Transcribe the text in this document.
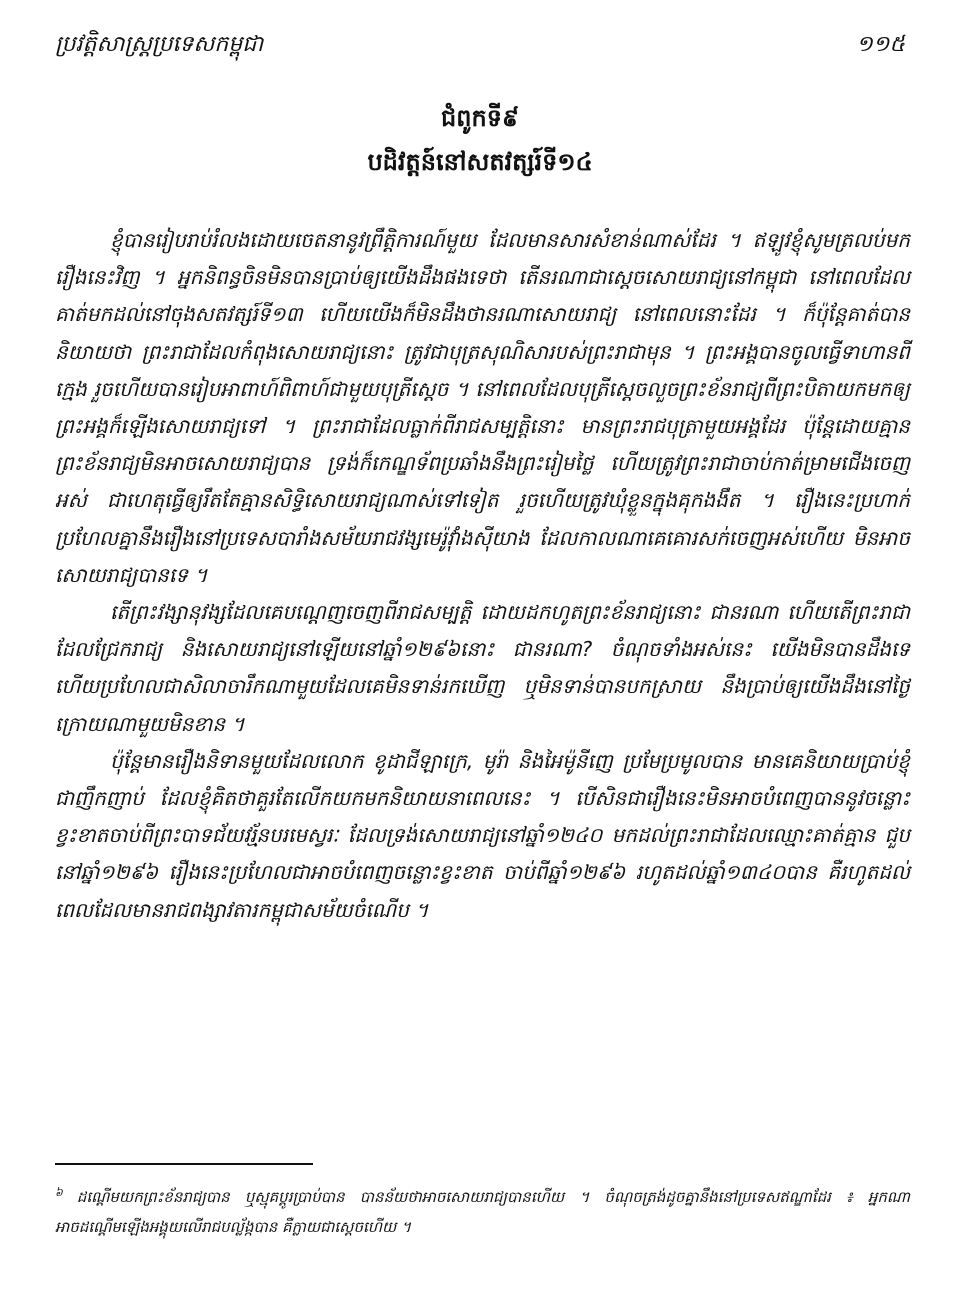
ប្រវត្តិសាស្ត្រប្រទេសកម្ពុជា	១១៥
ជំពូកទី៩
បដិវត្តន៍នៅសតវត្សរ៍ទី១៤

ខ្ញុំបានរៀបរាប់រំលងដោយចេតនានូវព្រឹត្តិការណ៍មួយ ដែលមានសារសំខាន់ណាស់ដែរ ។ ឥឡូវខ្ញុំសូមត្រលប់មករឿងនេះវិញ ។ អ្នកនិពន្ធចិនមិនបានប្រាប់ឲ្យយើងដឹងផងទេថា តើនរណាជាស្តេចសោយរាជ្យនៅកម្ពុជា នៅពេលដែលគាត់មកដល់នៅចុងសតវត្សរ៍ទី១៣ ហើយយើងក៏មិនដឹងថានរណាសោយរាជ្យ នៅពេលនោះដែរ ។ ក៏ប៉ុន្តែគាត់បាននិយាយថា ព្រះរាជាដែលកំពុងសោយរាជ្យនោះ ត្រូវជាបុត្រសុណិសារបស់ព្រះរាជាមុន ។ ព្រះអង្គបានចូលធ្វើទាហានពីក្មេង រួចហើយបានរៀបអាពាហ៍ពិពាហ៍ជាមួយបុត្រីស្តេច ។ នៅពេលដែលបុត្រីស្តេចលួចព្រះខ័នរាជ្យពីព្រះបិតាយកមកឲ្យ ព្រះអង្គក៏ឡើងសោយរាជ្យទៅ ។ ព្រះរាជាដែលធ្លាក់ពីរាជសម្បត្តិនោះ មានព្រះរាជបុត្រាមួយអង្គដែរ ប៉ុន្តែដោយគ្មានព្រះខ័នរាជ្យមិនអាចសោយរាជ្យបាន ទ្រង់ក៏កេណ្ឌទ័ពប្រឆាំងនឹងព្រះរៀមថ្លៃ ហើយត្រូវព្រះរាជាចាប់កាត់ម្រាមជើងចេញអស់ ជាហេតុធ្វើឲ្យរឹតតែគ្មានសិទ្ធិសោយរាជ្យណាស់ទៅទៀត រួចហើយត្រូវឃុំខ្លួនក្នុងគុកងងឹត ។ រឿងនេះប្រហាក់ប្រហែលគ្នានឹងរឿងនៅប្រទេសបារាំងសម័យរាជវង្សមេរ៉ូវ៉ាំងស៊ីយាង ដែលកាលណាគេគោរសក់ចេញអស់ហើយ មិនអាចសោយរាជ្យបានទេ ។

តើព្រះវង្សានុវង្សដែលគេបណ្តេញចេញពីរាជសម្បត្តិ ដោយដកហូតព្រះខ័នរាជ្យនោះ ជានរណា ហើយតើព្រះរាជាដែលជ្រែករាជ្យ និងសោយរាជ្យនៅឡើយនៅឆ្នាំ១២៩៦នោះ ជានរណា? ចំណុចទាំងអស់នេះ យើងមិនបានដឹងទេ ហើយប្រហែលជាសិលាចារឹកណាមួយដែលគេមិនទាន់រកឃើញ ឬមិនទាន់បានបកស្រាយ នឹងប្រាប់ឲ្យយើងដឹងនៅថ្ងៃក្រោយណាមួយមិនខាន ។

ប៉ុន្តែមានរឿងនិទានមួយដែលលោក ខូដាជីឡាក្រេ, មូរ៉ា និងអៃម៉ូនីញេ ប្រមែប្រមូលបាន មានគេនិយាយប្រាប់ខ្ញុំជាញឹកញាប់ ដែលខ្ញុំគិតថាគួរតែលើកយកមកនិយាយនាពេលនេះ ។ បើសិនជារឿងនេះមិនអាចបំពេញបាននូវចន្លោះខ្វះខាតចាប់ពីព្រះបាទជ័យវរ្ម័នបរមេស្វរៈ ដែលទ្រង់សោយរាជ្យនៅឆ្នាំ១២៤០ មកដល់ព្រះរាជាដែលឈ្មោះគាត់គ្មាន ជួបនៅឆ្នាំ១២៩៦ រឿងនេះប្រហែលជាអាចបំពេញចន្លោះខ្វះខាត ចាប់ពីឆ្នាំ១២៩៦ រហូតដល់ឆ្នាំ១៣៤០បាន គឺរហូតដល់ពេលដែលមានរាជពង្សាវតារកម្ពុជាសម័យចំណើប ។

$^៦$ ដណ្តើមយកព្រះខ័នរាជ្យបាន ឬស្មុគប្តូរប្រាប់បាន បានន័យថាអាចសោយរាជ្យបានហើយ ។ ចំណុចត្រង់ដូចគ្នានឹងនៅប្រទេសឥណ្ឌាដែរ ៖ អ្នកណាអាចដណ្តើមឡើងអង្គុយលើរាជបល្ល័ង្កបាន គឺក្លាយជាស្តេចហើយ ។
